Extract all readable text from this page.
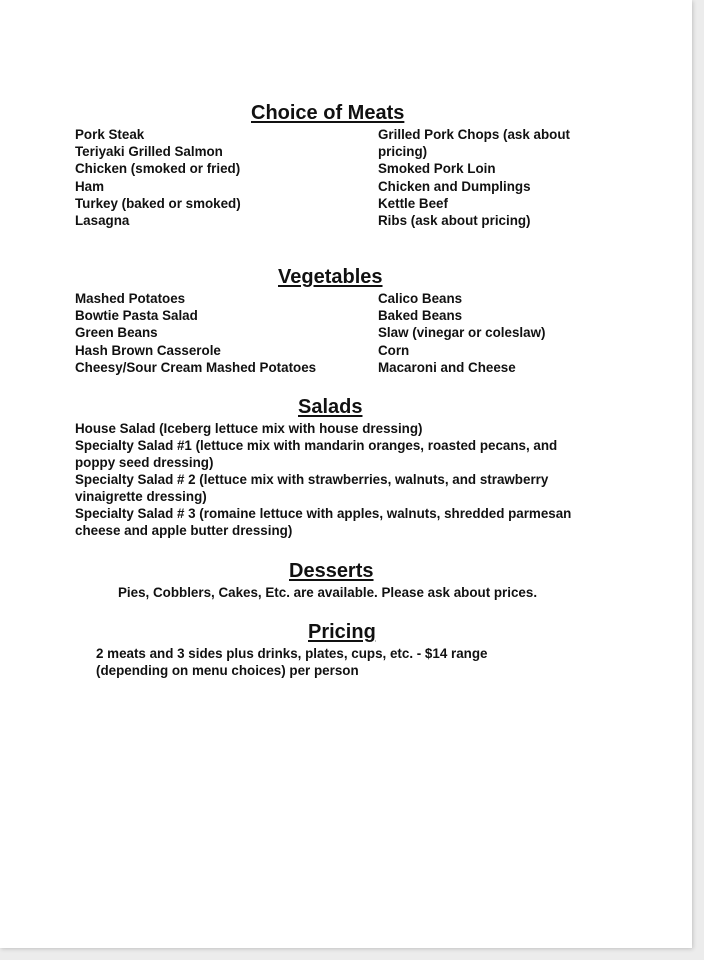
Choice of Meats
Pork Steak
Teriyaki Grilled Salmon
Chicken (smoked or fried)
Ham
Turkey (baked or smoked)
Lasagna
Grilled Pork Chops (ask about pricing)
Smoked Pork Loin
Chicken and Dumplings
Kettle Beef
Ribs (ask about pricing)
Vegetables
Mashed Potatoes
Bowtie Pasta Salad
Green Beans
Hash Brown Casserole
Cheesy/Sour Cream Mashed Potatoes
Calico Beans
Baked Beans
Slaw (vinegar or coleslaw)
Corn
Macaroni and Cheese
Salads
House Salad (Iceberg lettuce mix with house dressing)
Specialty Salad #1 (lettuce mix with mandarin oranges, roasted pecans, and poppy seed dressing)
Specialty Salad # 2 (lettuce mix with strawberries, walnuts, and strawberry vinaigrette dressing)
Specialty Salad # 3 (romaine lettuce with apples, walnuts, shredded parmesan cheese and apple butter dressing)
Desserts
Pies, Cobblers, Cakes, Etc. are available. Please ask about prices.
Pricing
2 meats and 3 sides plus drinks, plates, cups, etc. - $14 range (depending on menu choices) per person
